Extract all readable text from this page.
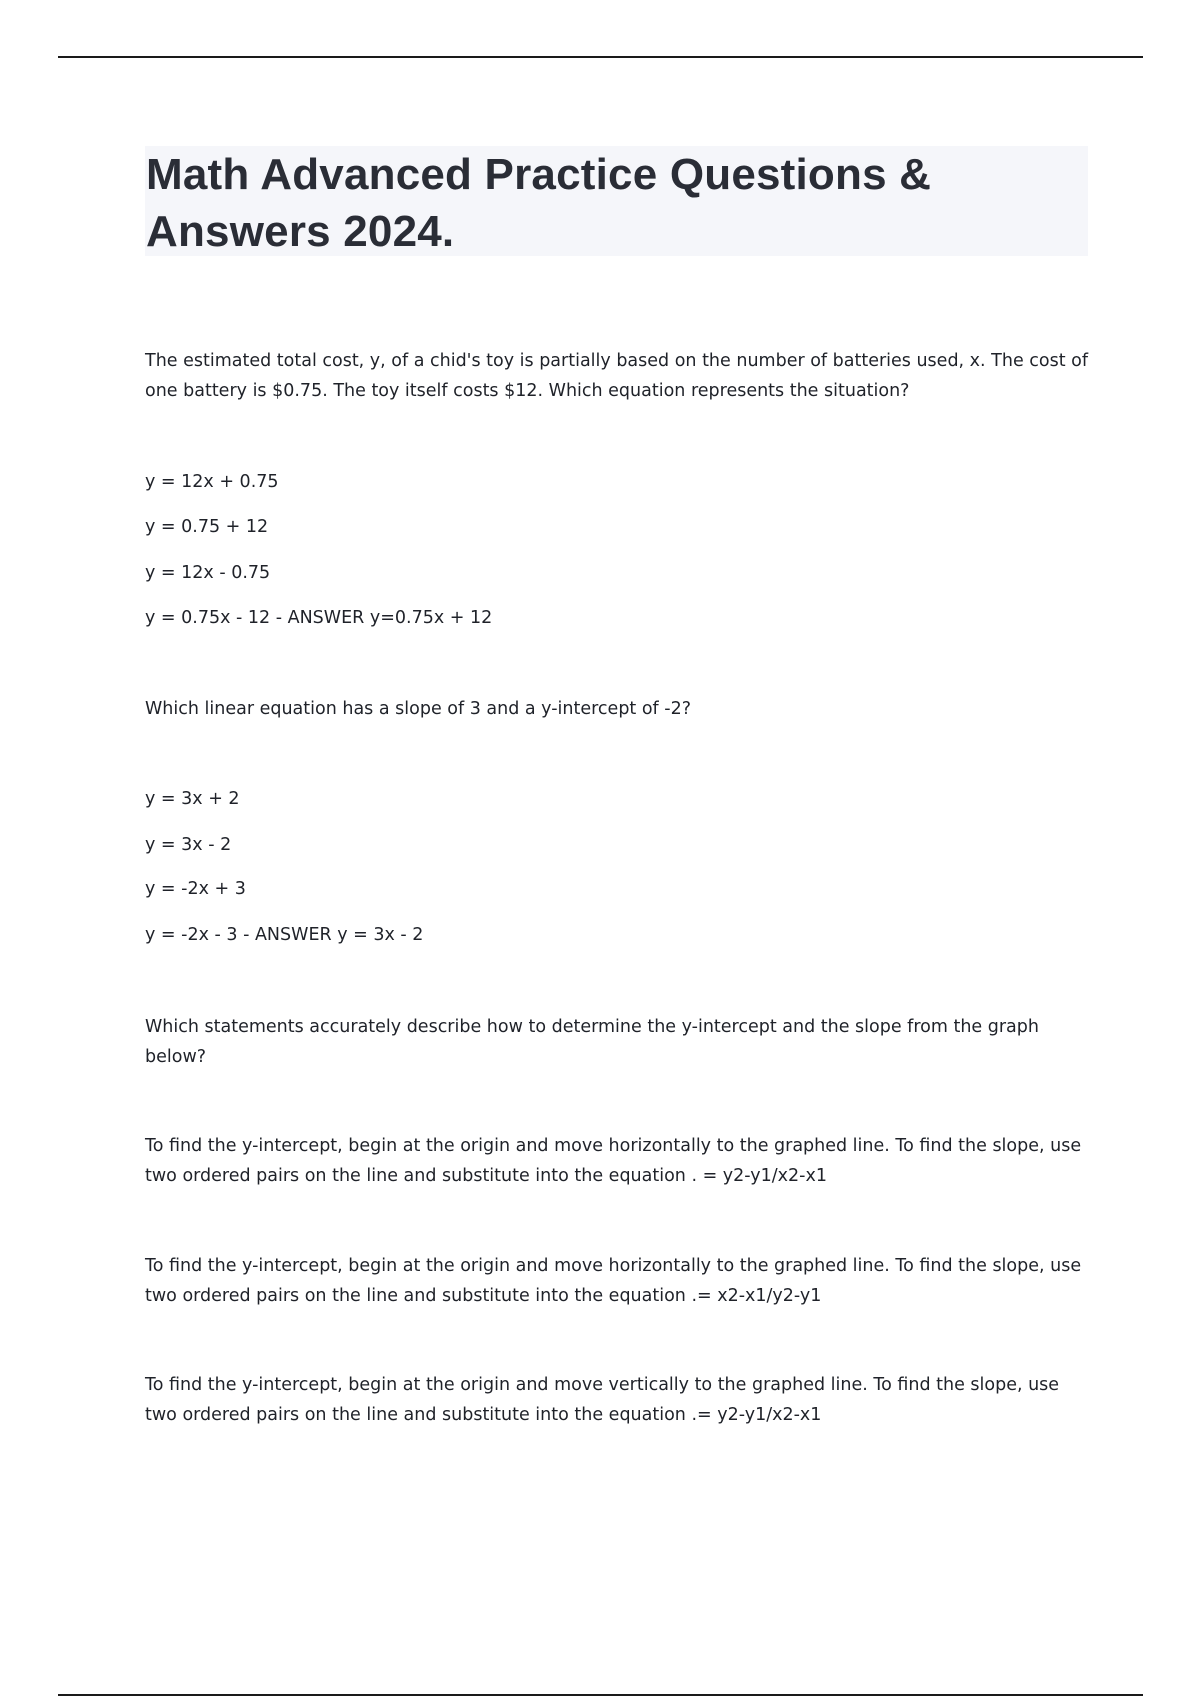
Math Advanced Practice Questions & Answers 2024.

The estimated total cost, y, of a chid's toy is partially based on the number of batteries used, x. The cost of one battery is $0.75. The toy itself costs $12. Which equation represents the situation?

y = 12x + 0.75

y = 0.75 + 12

y = 12x - 0.75

y = 0.75x - 12 - ANSWER y=0.75x + 12

Which linear equation has a slope of 3 and a y-intercept of -2?

y = 3x + 2

y = 3x - 2

y = -2x + 3

y = -2x - 3 - ANSWER y = 3x - 2

Which statements accurately describe how to determine the y-intercept and the slope from the graph below?

To find the y-intercept, begin at the origin and move horizontally to the graphed line. To find the slope, use two ordered pairs on the line and substitute into the equation . = y2-y1/x2-x1

To find the y-intercept, begin at the origin and move horizontally to the graphed line. To find the slope, use two ordered pairs on the line and substitute into the equation .= x2-x1/y2-y1

To find the y-intercept, begin at the origin and move vertically to the graphed line. To find the slope, use two ordered pairs on the line and substitute into the equation .= y2-y1/x2-x1
